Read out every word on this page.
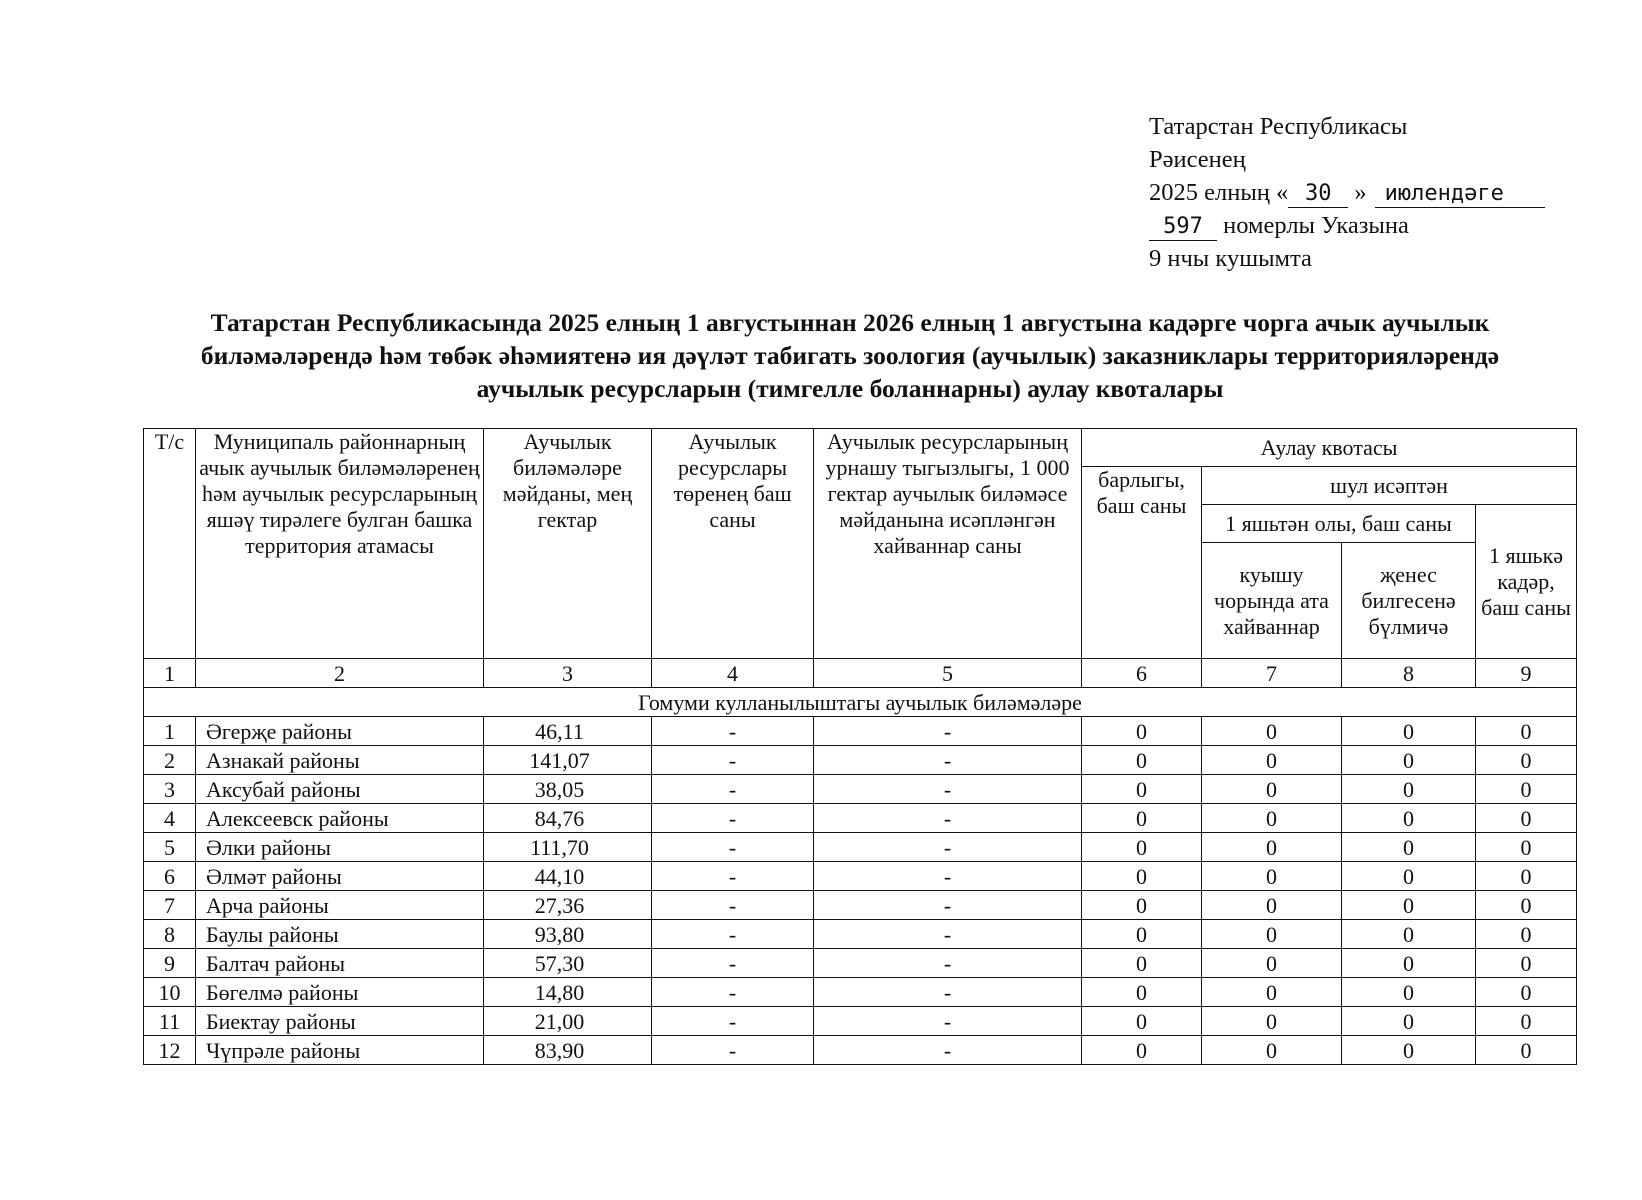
Татарстан Республикасы
Рәисенең
2025 елның « 30 » июлендәге
597 номерлы Указына
9 нчы кушымта
Татарстан Республикасында 2025 елның 1 августыннан 2026 елның 1 августына кадәрге чорга ачык аучылык биләмәләрендә һәм төбәк әһәмиятенә ия дәүләт табигать зоология (аучылык) заказниклары территорияләрендә аучылык ресурсларын (тимгелле боланнарны) аулау квоталары
Т/с	Муниципаль районнарның ачык аучылык биләмәләренең һәм аучылык ресурсларының яшәү тирәлеге булган башка территория атамасы	Аучылык биләмәләре мәйданы, мең гектар	Аучылык ресурслары төренең баш саны	Аучылык ресурсларының урнашу тыгызлыгы, 1 000 гектар аучылык биләмәсе мәйданына исәпләнгән хайваннар саны	Аулау квотасы			
					барлыгы, баш саны	шул исәптән		
						1 яшьтән олы, баш саны		1 яшькә кадәр, баш саны
						куышу чорында ата хайваннар	җенес билгесенә бүлмичә	
1	2	3	4	5	6	7	8	9
Гомуми кулланылыштагы аучылык биләмәләре								
1	Әгерҗе районы	46,11	-	-	0	0	0	0
2	Азнакай районы	141,07	-	-	0	0	0	0
3	Аксубай районы	38,05	-	-	0	0	0	0
4	Алексеевск районы	84,76	-	-	0	0	0	0
5	Әлки районы	111,70	-	-	0	0	0	0
6	Әлмәт районы	44,10	-	-	0	0	0	0
7	Арча районы	27,36	-	-	0	0	0	0
8	Баулы районы	93,80	-	-	0	0	0	0
9	Балтач районы	57,30	-	-	0	0	0	0
10	Бөгелмә районы	14,80	-	-	0	0	0	0
11	Биектау районы	21,00	-	-	0	0	0	0
12	Чүпрәле районы	83,90	-	-	0	0	0	0
